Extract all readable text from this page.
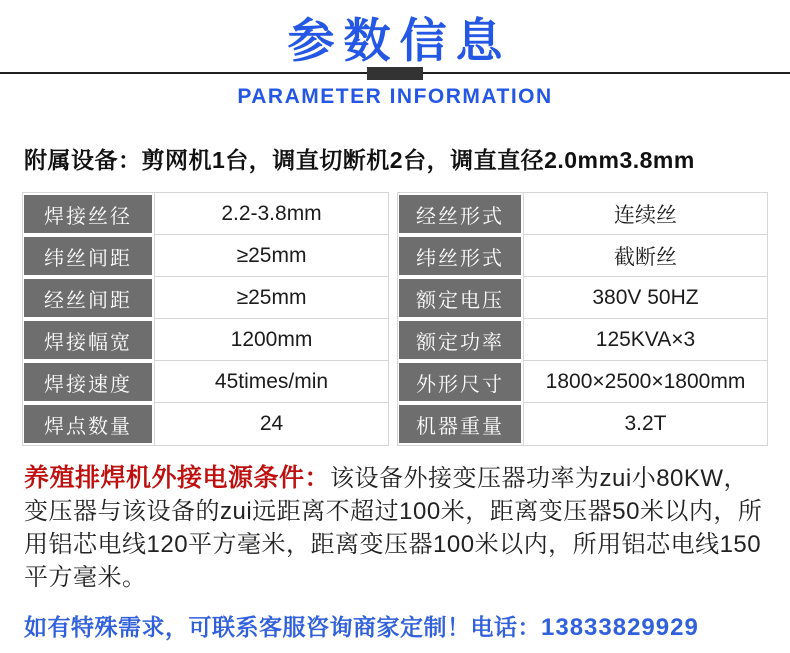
参数信息
PARAMETER INFORMATION

附属设备：剪网机1台，调直切断机2台，调直直径2.0mm3.8mm

焊接丝径	2.2-3.8mm
纬丝间距	≥25mm
经丝间距	≥25mm
焊接幅宽	1200mm
焊接速度	45times/min
焊点数量	24
经丝形式	连续丝
纬丝形式	截断丝
额定电压	380V 50HZ
额定功率	125KVA×3
外形尺寸	1800×2500×1800mm
机器重量	3.2T

养殖排焊机外接电源条件：该设备外接变压器功率为zui小80KW，变压器与该设备的zui远距离不超过100米，距离变压器50米以内，所用铝芯电线120平方毫米，距离变压器100米以内，所用铝芯电线150平方毫米。

如有特殊需求，可联系客服咨询商家定制！电话：13833829929
